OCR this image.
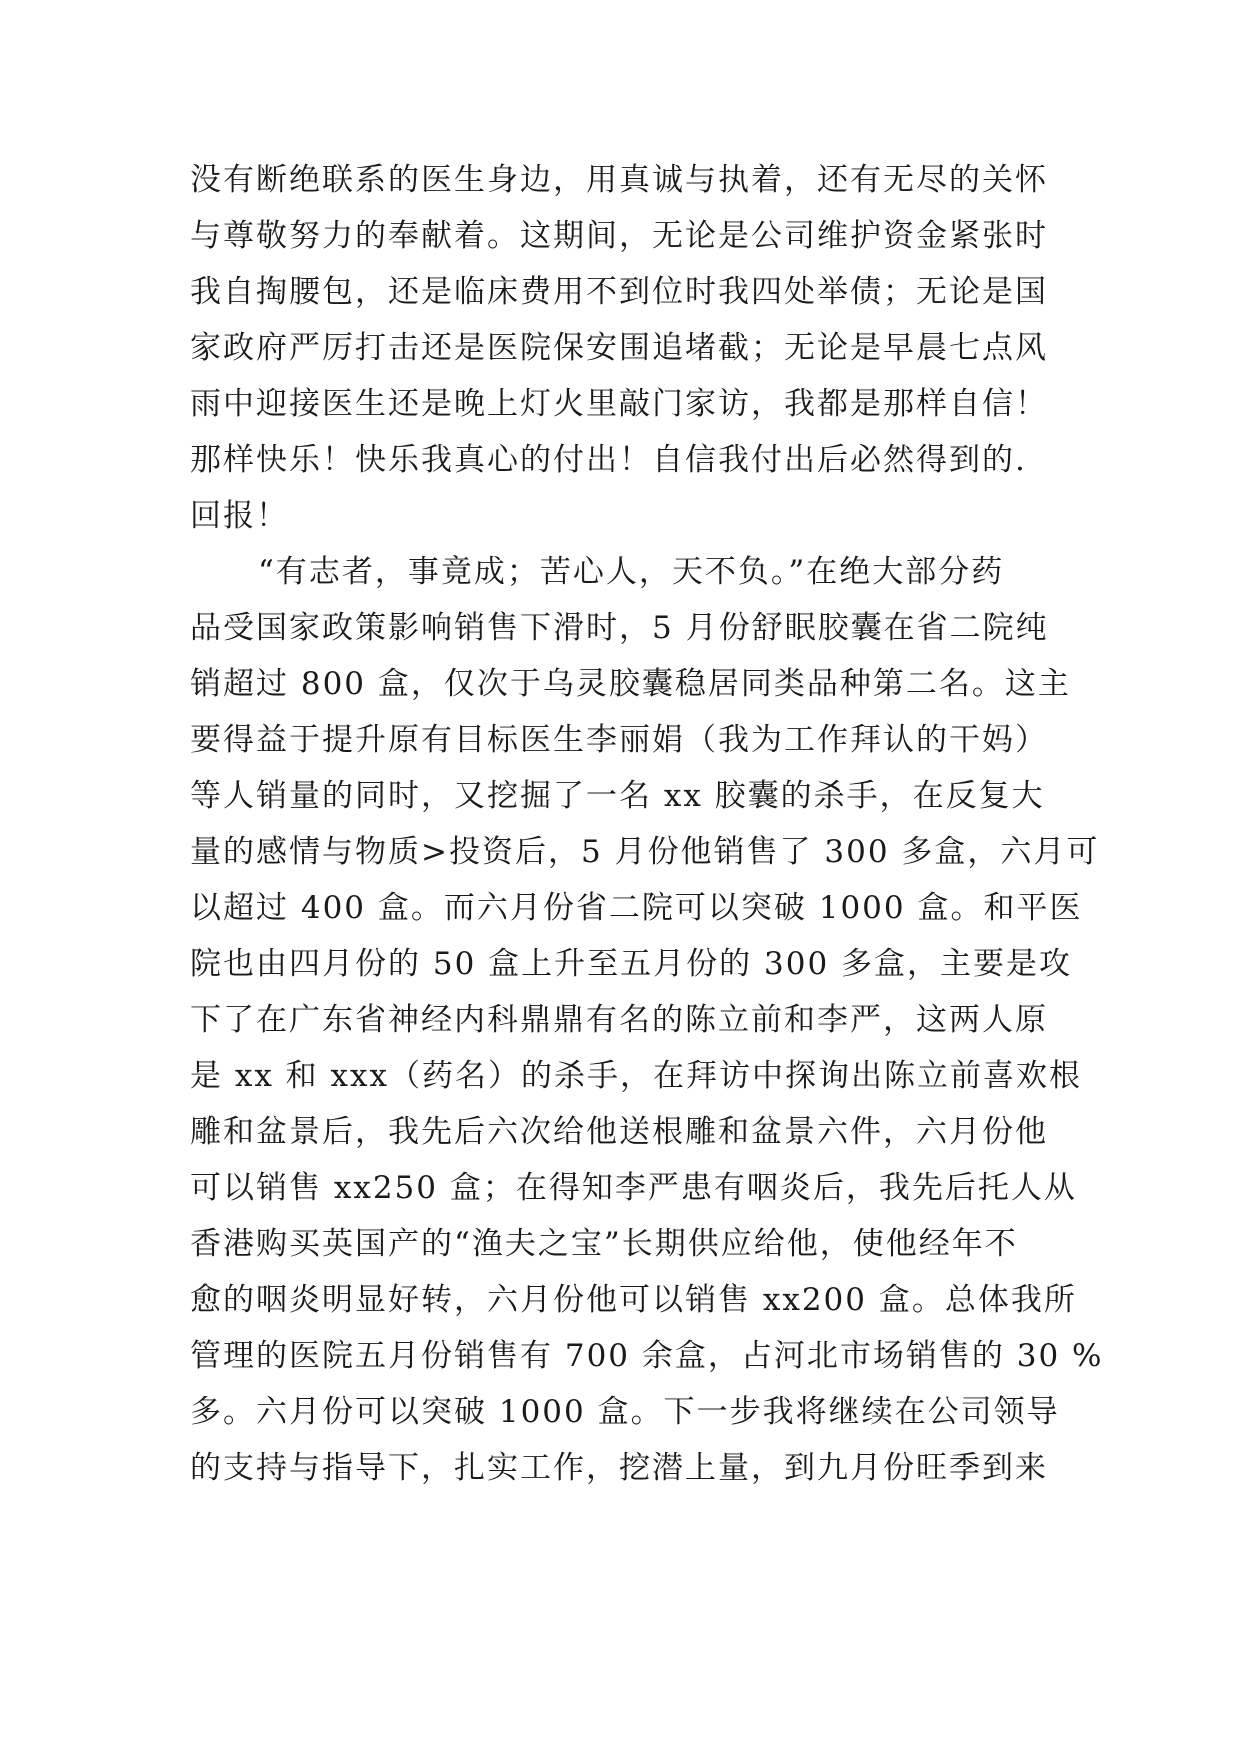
没有断绝联系的医生身边，用真诚与执着，还有无尽的关怀
与尊敬努力的奉献着。这期间，无论是公司维护资金紧张时
我自掏腰包，还是临床费用不到位时我四处举债；无论是国
家政府严厉打击还是医院保安围追堵截；无论是早晨七点风
雨中迎接医生还是晚上灯火里敲门家访，我都是那样自信！
那样快乐！快乐我真心的付出！自信我付出后必然得到的.
回报！
“有志者，事竟成；苦心人，天不负。”在绝大部分药
品受国家政策影响销售下滑时，5 月份舒眠胶囊在省二院纯
销超过 800 盒，仅次于乌灵胶囊稳居同类品种第二名。这主
要得益于提升原有目标医生李丽娟（我为工作拜认的干妈）
等人销量的同时，又挖掘了一名 xx 胶囊的杀手，在反复大
量的感情与物质>投资后，5 月份他销售了 300 多盒，六月可
以超过 400 盒。而六月份省二院可以突破 1000 盒。和平医
院也由四月份的 50 盒上升至五月份的 300 多盒，主要是攻
下了在广东省神经内科鼎鼎有名的陈立前和李严，这两人原
是 xx 和 xxx（药名）的杀手，在拜访中探询出陈立前喜欢根
雕和盆景后，我先后六次给他送根雕和盆景六件，六月份他
可以销售 xx250 盒；在得知李严患有咽炎后，我先后托人从
香港购买英国产的“渔夫之宝”长期供应给他，使他经年不
愈的咽炎明显好转，六月份他可以销售 xx200 盒。总体我所
管理的医院五月份销售有 700 余盒，占河北市场销售的 30 %
多。六月份可以突破 1000 盒。下一步我将继续在公司领导
的支持与指导下，扎实工作，挖潜上量，到九月份旺季到来
